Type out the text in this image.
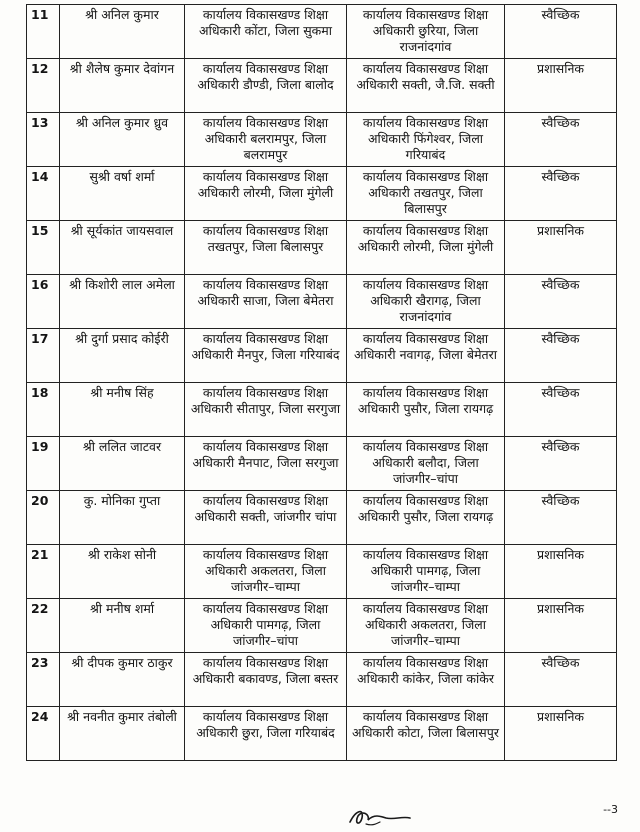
11	श्री अनिल कुमार	कार्यालय विकासखण्ड शिक्षा अधिकारी कोंटा, जिला सुकमा	कार्यालय विकासखण्ड शिक्षा अधिकारी छुरिया, जिला राजनांदगांव	स्वैच्छिक
12	श्री शैलेष कुमार देवांगन	कार्यालय विकासखण्ड शिक्षा अधिकारी डौण्डी, जिला बालोद	कार्यालय विकासखण्ड शिक्षा अधिकारी सक्ती, जै.जि. सक्ती	प्रशासनिक
13	श्री अनिल कुमार ध्रुव	कार्यालय विकासखण्ड शिक्षा अधिकारी बलरामपुर, जिला बलरामपुर	कार्यालय विकासखण्ड शिक्षा अधिकारी फिंगेश्वर, जिला गरियाबंद	स्वैच्छिक
14	सुश्री वर्षा शर्मा	कार्यालय विकासखण्ड शिक्षा अधिकारी लोरमी, जिला मुंगेली	कार्यालय विकासखण्ड शिक्षा अधिकारी तखतपुर, जिला बिलासपुर	स्वैच्छिक
15	श्री सूर्यकांत जायसवाल	कार्यालय विकासखण्ड शिक्षा तखतपुर, जिला बिलासपुर	कार्यालय विकासखण्ड शिक्षा अधिकारी लोरमी, जिला मुंगेली	प्रशासनिक
16	श्री किशोरी लाल अमेला	कार्यालय विकासखण्ड शिक्षा अधिकारी साजा, जिला बेमेतरा	कार्यालय विकासखण्ड शिक्षा अधिकारी खैरागढ़, जिला राजनांदगांव	स्वैच्छिक
17	श्री दुर्गा प्रसाद कोईरी	कार्यालय विकासखण्ड शिक्षा अधिकारी मैनपुर, जिला गरियाबंद	कार्यालय विकासखण्ड शिक्षा अधिकारी नवागढ़, जिला बेमेतरा	स्वैच्छिक
18	श्री मनीष सिंह	कार्यालय विकासखण्ड शिक्षा अधिकारी सीतापुर, जिला सरगुजा	कार्यालय विकासखण्ड शिक्षा अधिकारी पुसौर, जिला रायगढ़	स्वैच्छिक
19	श्री ललित जाटवर	कार्यालय विकासखण्ड शिक्षा अधिकारी मैनपाट, जिला सरगुजा	कार्यालय विकासखण्ड शिक्षा अधिकारी बलौदा, जिला जांजगीर–चांपा	स्वैच्छिक
20	कु. मोनिका गुप्ता	कार्यालय विकासखण्ड शिक्षा अधिकारी सक्ती, जांजगीर चांपा	कार्यालय विकासखण्ड शिक्षा अधिकारी पुसौर, जिला रायगढ़	स्वैच्छिक
21	श्री राकेश सोनी	कार्यालय विकासखण्ड शिक्षा अधिकारी अकलतरा, जिला जांजगीर–चाम्पा	कार्यालय विकासखण्ड शिक्षा अधिकारी पामगढ़, जिला जांजगीर–चाम्पा	प्रशासनिक
22	श्री मनीष शर्मा	कार्यालय विकासखण्ड शिक्षा अधिकारी पामगढ़, जिला जांजगीर–चांपा	कार्यालय विकासखण्ड शिक्षा अधिकारी अकलतरा, जिला जांजगीर–चाम्पा	प्रशासनिक
23	श्री दीपक कुमार ठाकुर	कार्यालय विकासखण्ड शिक्षा अधिकारी बकावण्ड, जिला बस्तर	कार्यालय विकासखण्ड शिक्षा अधिकारी कांकेर, जिला कांकेर	स्वैच्छिक
24	श्री नवनीत कुमार तंबोली	कार्यालय विकासखण्ड शिक्षा अधिकारी छुरा, जिला गरियाबंद	कार्यालय विकासखण्ड शिक्षा अधिकारी कोटा, जिला बिलासपुर	प्रशासनिक
--3
